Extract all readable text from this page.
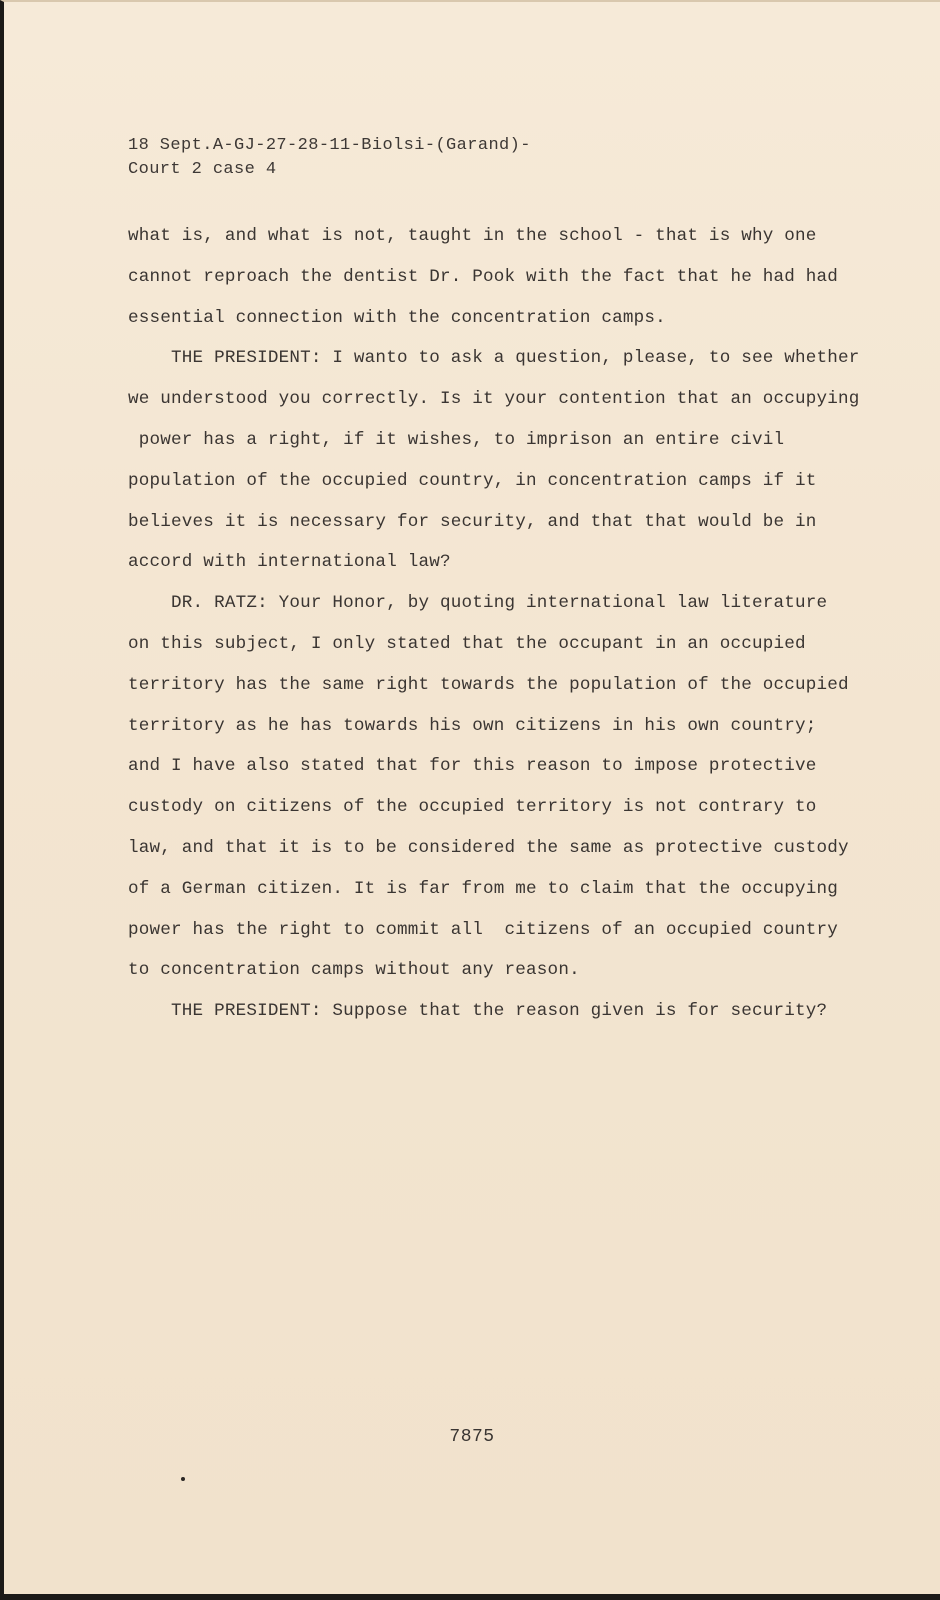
18 Sept.A-GJ-27-28-11-Biolsi-(Garand)-
Court 2 case 4
what is, and what is not, taught in the school - that is why one
cannot reproach the dentist Dr. Pook with the fact that he had had
essential connection with the concentration camps.
THE PRESIDENT: I wanto to ask a question, please, to see whether
we understood you correctly. Is it your contention that an occupying
power has a right, if it wishes, to imprison an entire civil
population of the occupied country, in concentration camps if it
believes it is necessary for security, and that that would be in
accord with international law?
DR. RATZ: Your Honor, by quoting international law literature
on this subject, I only stated that the occupant in an occupied
territory has the same right towards the population of the occupied
territory as he has towards his own citizens in his own country;
and I have also stated that for this reason to impose protective
custody on citizens of the occupied territory is not contrary to
law, and that it is to be considered the same as protective custody
of a German citizen. It is far from me to claim that the occupying
power has the right to commit all  citizens of an occupied country
to concentration camps without any reason.
THE PRESIDENT: Suppose that the reason given is for security?
7875
